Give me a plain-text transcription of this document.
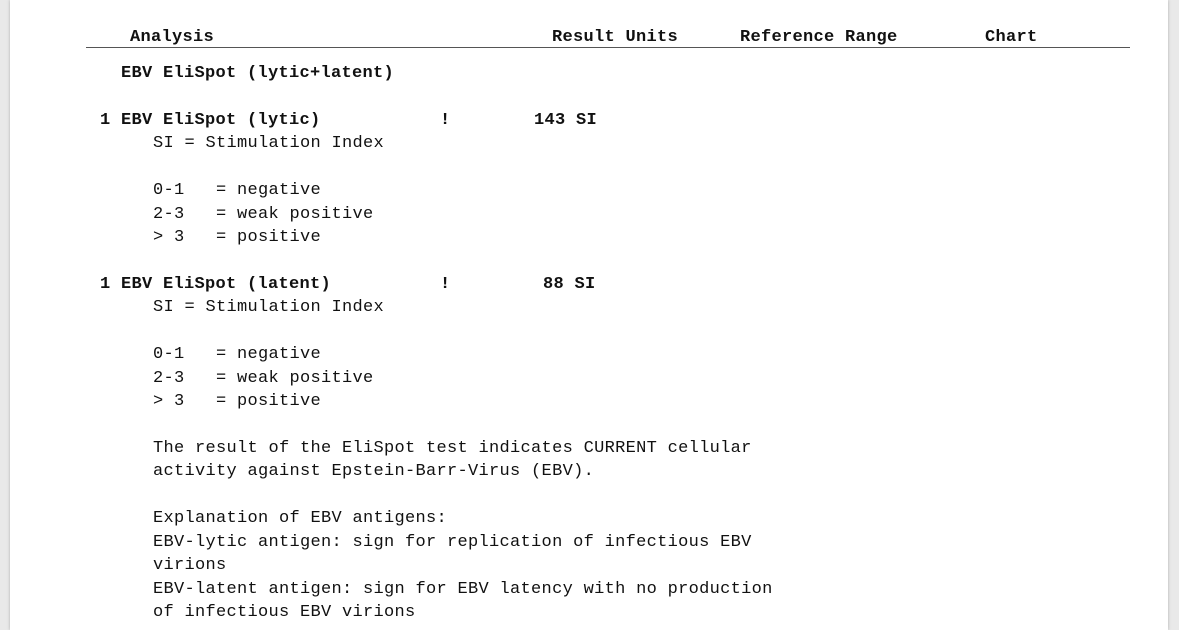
Analysis	Result Units	Reference Range	Chart
EBV EliSpot (lytic+latent)
1 EBV EliSpot (lytic)	!	143 SI
SI = Stimulation Index
0-1 = negative
2-3 = weak positive
> 3 = positive
1 EBV EliSpot (latent)	!	88 SI
SI = Stimulation Index
0-1 = negative
2-3 = weak positive
> 3 = positive
The result of the EliSpot test indicates CURRENT cellular
activity against Epstein-Barr-Virus (EBV).
Explanation of EBV antigens:
EBV-lytic antigen: sign for replication of infectious EBV
virions
EBV-latent antigen: sign for EBV latency with no production
of infectious EBV virions
